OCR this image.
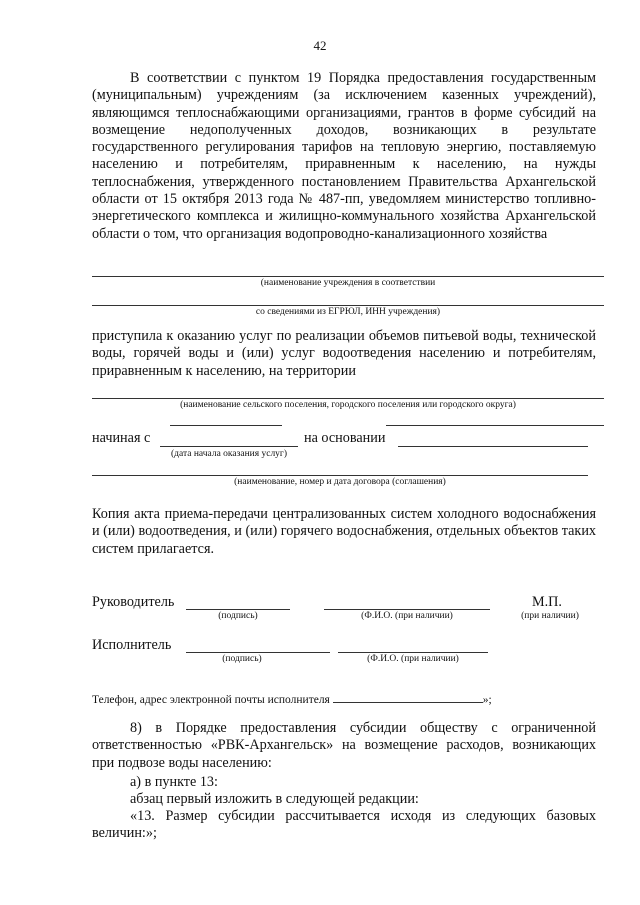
42
В соответствии с пунктом 19 Порядка предоставления государственным (муниципальным) учреждениям (за исключением казенных учреждений), являющимся теплоснабжающими организациями, грантов в форме субсидий на возмещение недополученных доходов, возникающих в результате государственного регулирования тарифов на тепловую энергию, поставляемую населению и потребителям, приравненным к населению, на нужды теплоснабжения, утвержденного постановлением Правительства Архангельской области от 15 октября 2013 года № 487-пп, уведомляем министерство топливно-энергетического комплекса и жилищно-коммунального хозяйства Архангельской области о том, что организация водопроводно-канализационного хозяйства
(наименование учреждения в соответствии
со сведениями из ЕГРЮЛ, ИНН учреждения)
приступила к оказанию услуг по реализации объемов питьевой воды, технической воды, горячей воды и (или) услуг водоотведения населению и потребителям, приравненным к населению, на территории
(наименование сельского поселения, городского поселения или городского округа)
начиная с
(дата начала оказания услуг)
на основании
(наименование, номер и дата договора (соглашения)
Копия акта приема-передачи централизованных систем холодного водоснабжения и (или) водоотведения, и (или) горячего водоснабжения, отдельных объектов таких систем прилагается.
Руководитель
(подпись)	(Ф.И.О. (при наличии)
М.П.
(при наличии)
Исполнитель
(подпись)	(Ф.И.О. (при наличии)
Телефон, адрес электронной почты исполнителя	»;
8) в Порядке предоставления субсидии обществу с ограниченной ответственностью «РВК-Архангельск» на возмещение расходов, возникающих при подвозе воды населению:
а) в пункте 13:
абзац первый изложить в следующей редакции:
«13. Размер субсидии рассчитывается исходя из следующих базовых величин:»;
